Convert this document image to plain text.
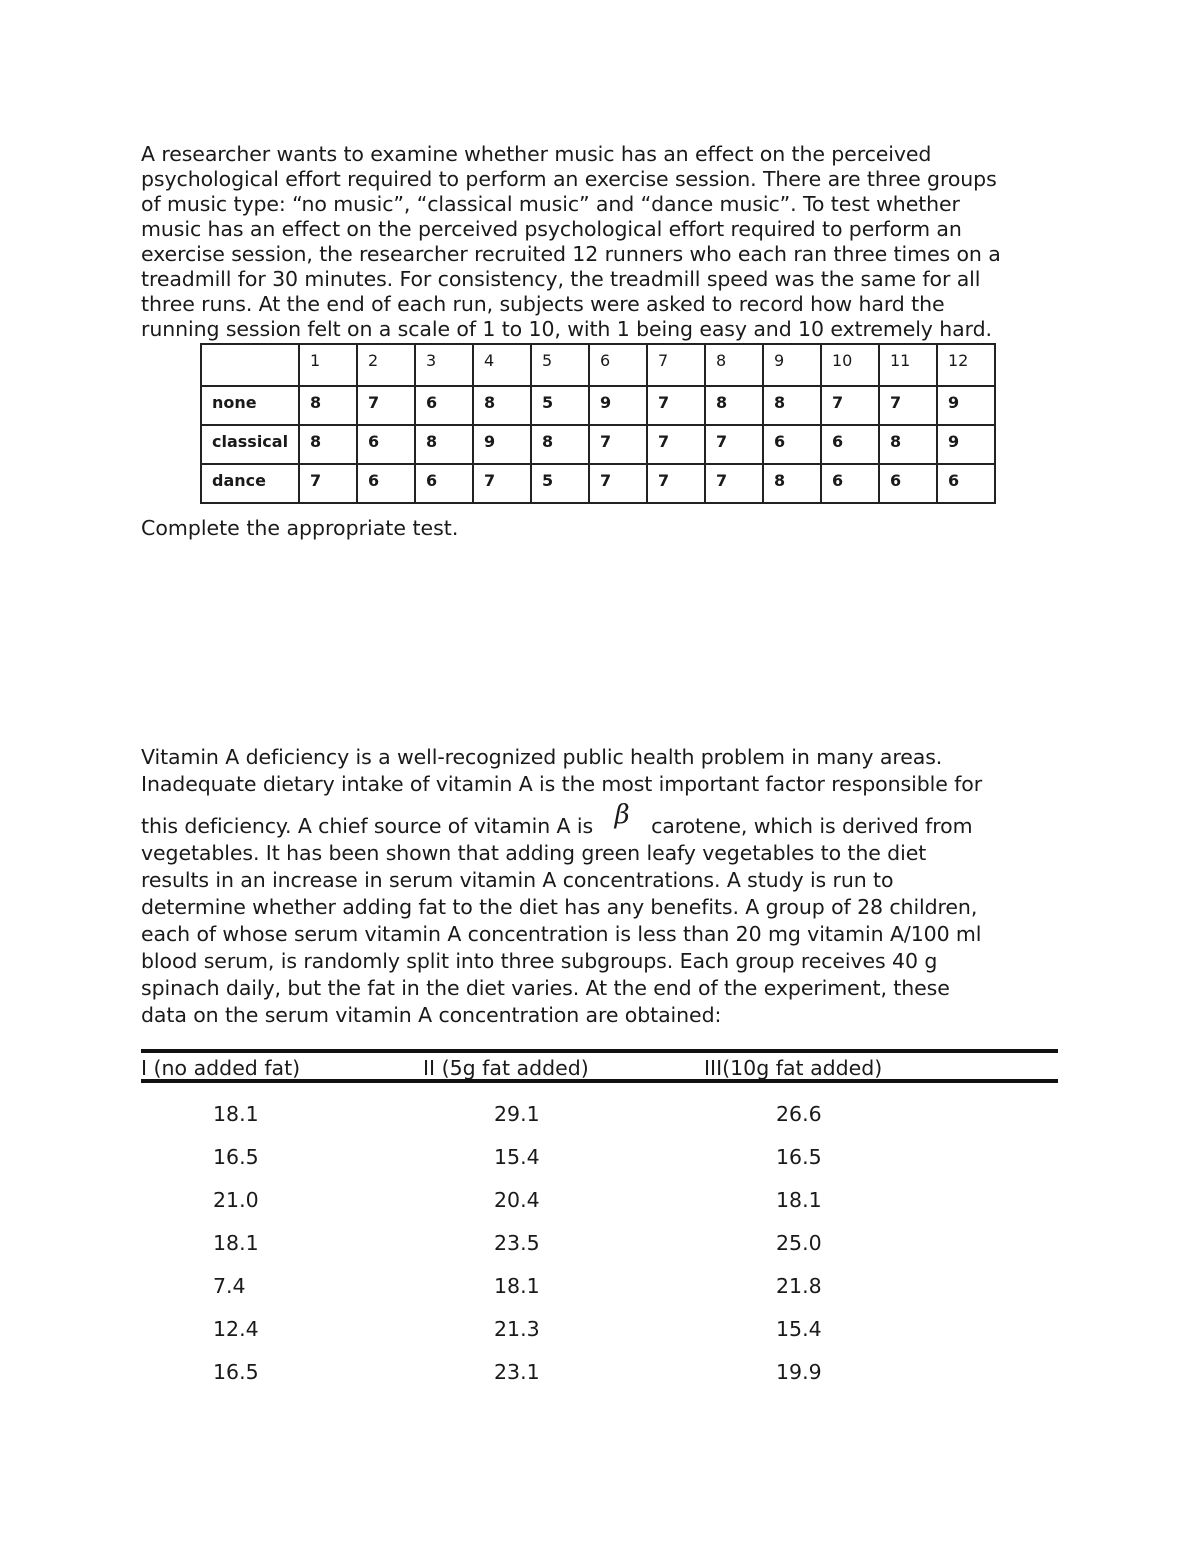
A researcher wants to examine whether music has an effect on the perceived
psychological effort required to perform an exercise session. There are three groups
of music type: “no music”, “classical music” and “dance music”. To test whether
music has an effect on the perceived psychological effort required to perform an
exercise session, the researcher recruited 12 runners who each ran three times on a
treadmill for 30 minutes. For consistency, the treadmill speed was the same for all
three runs. At the end of each run, subjects were asked to record how hard the
running session felt on a scale of 1 to 10, with 1 being easy and 10 extremely hard.

	1	2	3	4	5	6	7	8	9	10	11	12
none	8	7	6	8	5	9	7	8	8	7	7	9
classical	8	6	8	9	8	7	7	7	6	6	8	9
dance	7	6	6	7	5	7	7	7	8	6	6	6

Complete the appropriate test.

Vitamin A deficiency is a well-recognized public health problem in many areas.
Inadequate dietary intake of vitamin A is the most important factor responsible for
this deficiency. A chief source of vitamin A is β carotene, which is derived from
vegetables. It has been shown that adding green leafy vegetables to the diet
results in an increase in serum vitamin A concentrations. A study is run to
determine whether adding fat to the diet has any benefits. A group of 28 children,
each of whose serum vitamin A concentration is less than 20 mg vitamin A/100 ml
blood serum, is randomly split into three subgroups. Each group receives 40 g
spinach daily, but the fat in the diet varies. At the end of the experiment, these
data on the serum vitamin A concentration are obtained:
I (no added fat)	II (5g fat added)	III(10g fat added)
18.1	29.1	26.6
16.5	15.4	16.5
21.0	20.4	18.1
18.1	23.5	25.0
7.4	18.1	21.8
12.4	21.3	15.4
16.5	23.1	19.9
